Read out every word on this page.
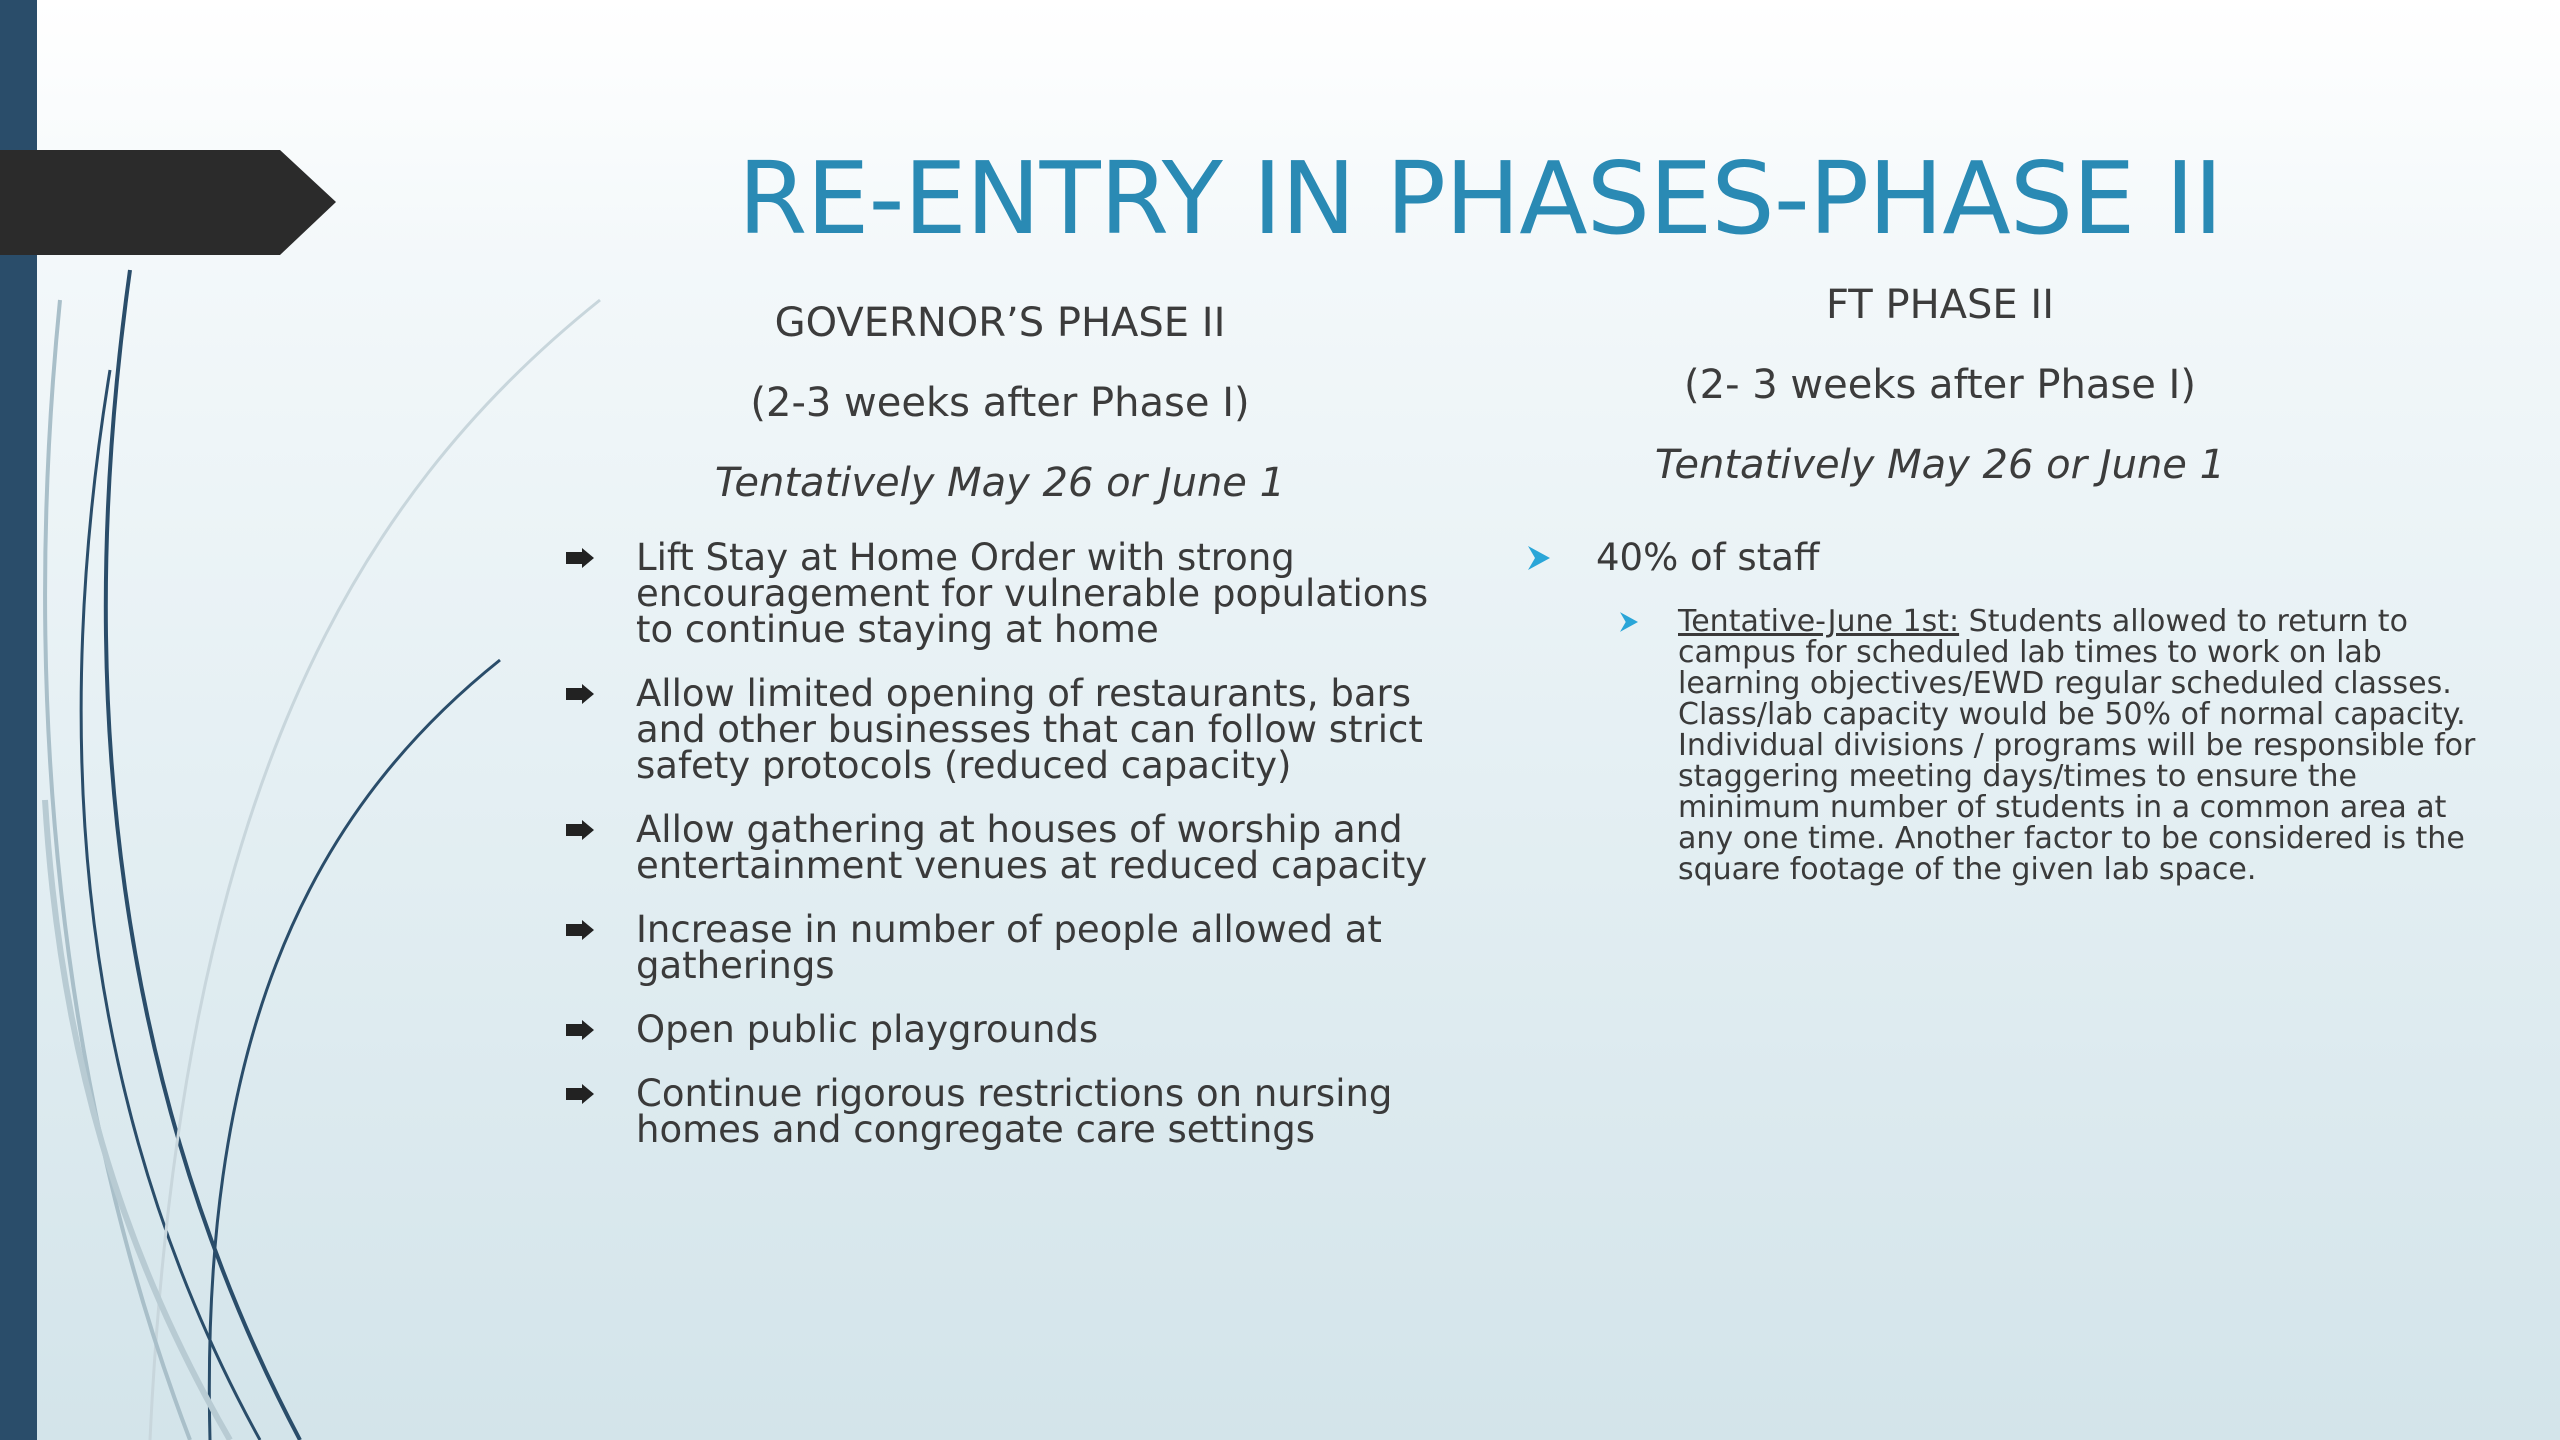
RE-ENTRY IN PHASES-PHASE II
GOVERNOR’S PHASE II
(2-3 weeks after Phase I)
Tentatively May 26 or June 1
FT PHASE II
(2- 3 weeks after Phase I)
Tentatively May 26 or June 1
Lift Stay at Home Order with strong encouragement for vulnerable populations to continue staying at home
Allow limited opening of restaurants, bars and other businesses that can follow strict safety protocols (reduced capacity)
Allow gathering at houses of worship and entertainment venues at reduced capacity
Increase in number of people allowed at gatherings
Open public playgrounds
Continue rigorous restrictions on nursing homes and congregate care settings
40% of staff
Tentative-June 1st: Students allowed to return to campus for scheduled lab times to work on lab learning objectives/EWD regular scheduled classes. Class/lab capacity would be 50% of normal capacity. Individual divisions / programs will be responsible for staggering meeting days/times to ensure the minimum number of students in a common area at any one time. Another factor to be considered is the square footage of the given lab space.
